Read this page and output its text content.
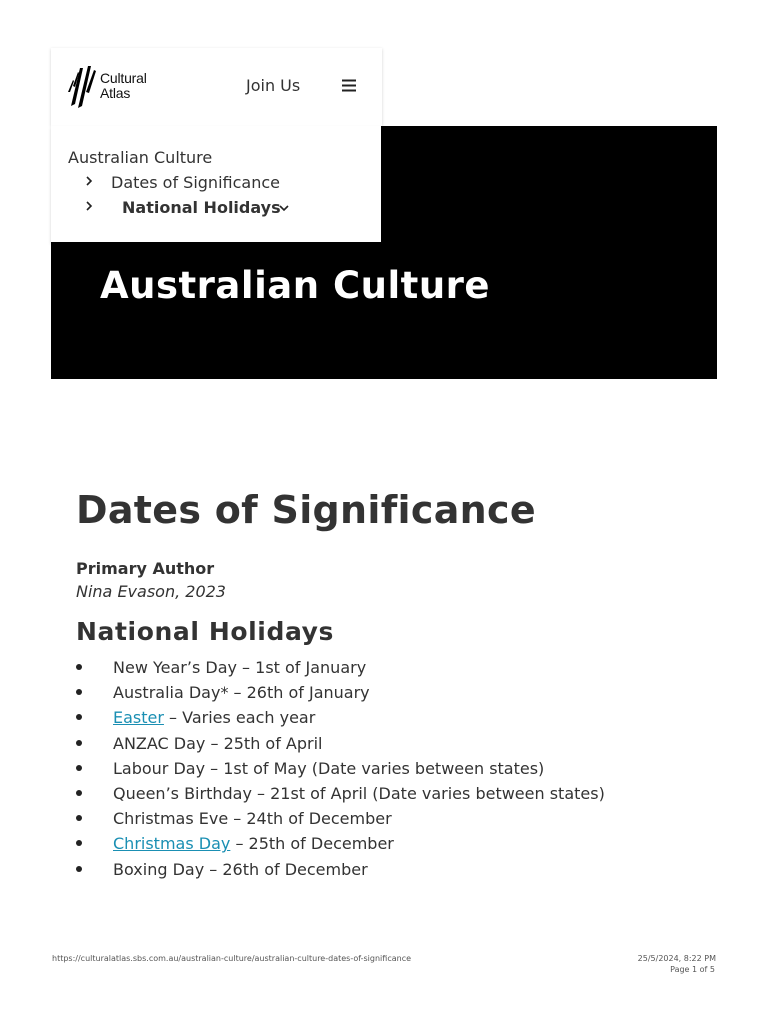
Cultural
Atlas	Join Us
Australian Culture
Australian Culture
Dates of Significance
National Holidays
Dates of Significance
Primary Author
Nina Evason, 2023
National Holidays
New Year’s Day – 1st of January
Australia Day* – 26th of January
Easter – Varies each year
ANZAC Day – 25th of April
Labour Day – 1st of May (Date varies between states)
Queen’s Birthday – 21st of April (Date varies between states)
Christmas Eve – 24th of December
Christmas Day – 25th of December
Boxing Day – 26th of December
https://culturalatlas.sbs.com.au/australian-culture/australian-culture-dates-of-significance	25/5/2024, 8:22 PM
Page 1 of 5
